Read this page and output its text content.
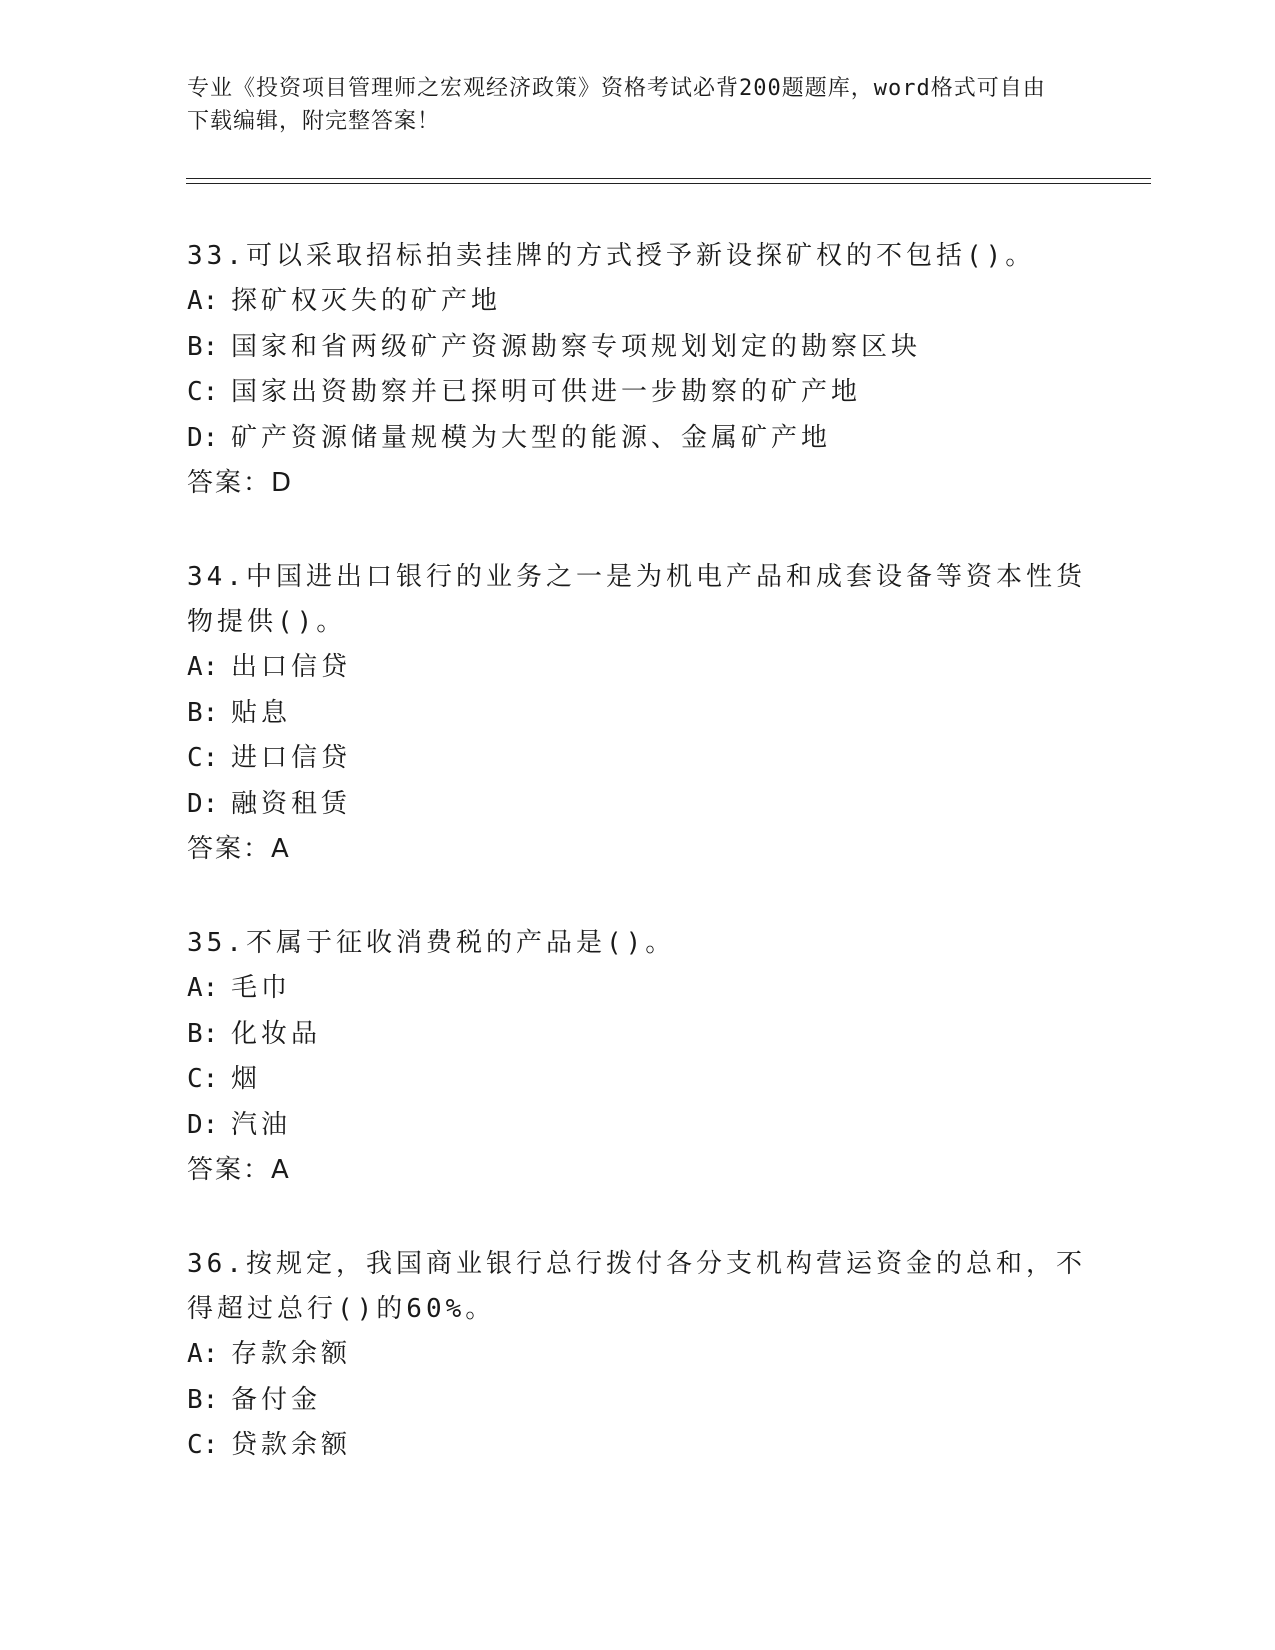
专业《投资项目管理师之宏观经济政策》资格考试必背200题题库，word格式可自由下载编辑，附完整答案！
33.可以采取招标拍卖挂牌的方式授予新设探矿权的不包括()。
A: 探矿权灭失的矿产地
B: 国家和省两级矿产资源勘察专项规划划定的勘察区块
C: 国家出资勘察并已探明可供进一步勘察的矿产地
D: 矿产资源储量规模为大型的能源、金属矿产地
答案：D
34.中国进出口银行的业务之一是为机电产品和成套设备等资本性货物提供()。
A: 出口信贷
B: 贴息
C: 进口信贷
D: 融资租赁
答案：A
35.不属于征收消费税的产品是()。
A: 毛巾
B: 化妆品
C: 烟
D: 汽油
答案：A
36.按规定，我国商业银行总行拨付各分支机构营运资金的总和，不得超过总行()的60%。
A: 存款余额
B: 备付金
C: 贷款余额
